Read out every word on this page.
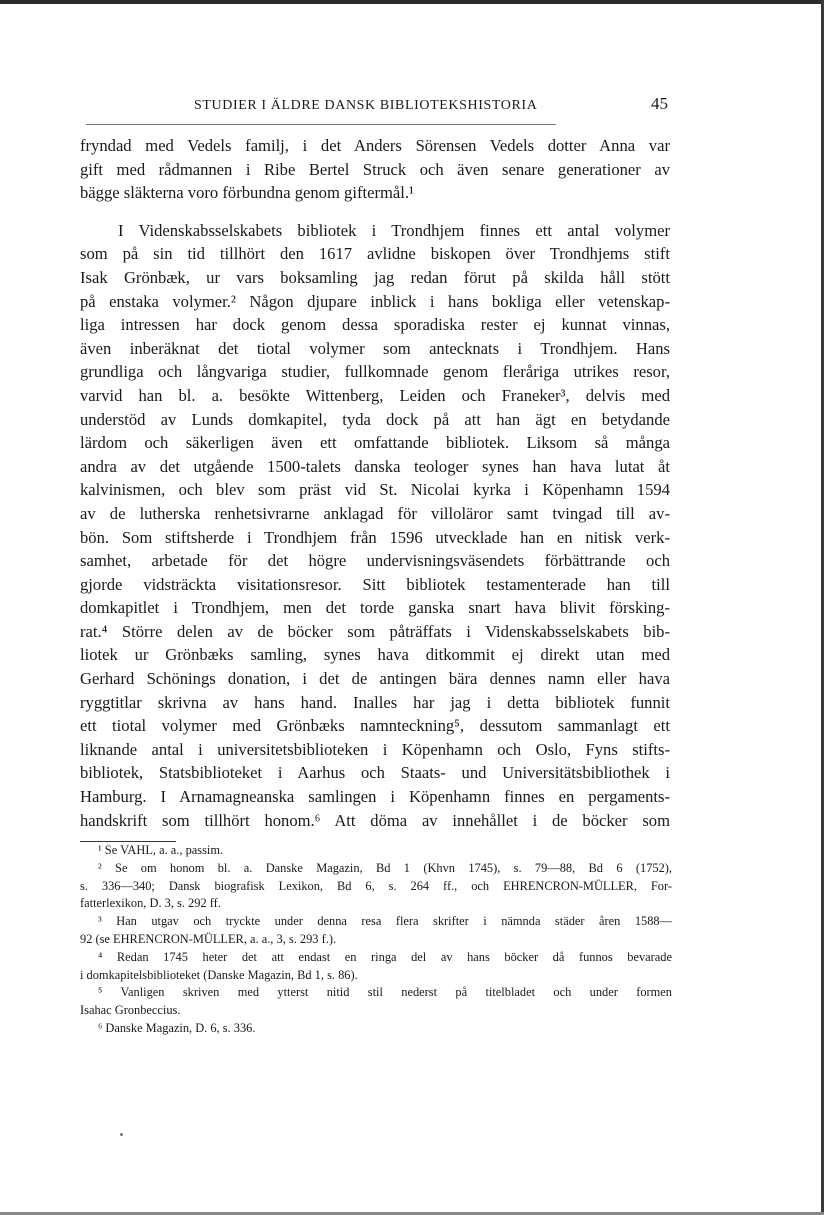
STUDIER I ÄLDRE DANSK BIBLIOTEKSHISTORIA	45
fryndad med Vedels familj, i det Anders Sörensen Vedels dotter Anna var
gift med rådmannen i Ribe Bertel Struck och även senare generationer av
bägge släkterna voro förbundna genom giftermål.¹
I Videnskabsselskabets bibliotek i Trondhjem finnes ett antal volymer
som på sin tid tillhört den 1617 avlidne biskopen över Trondhjems stift
Isak Grönbæk, ur vars boksamling jag redan förut på skilda håll stött
på enstaka volymer.² Någon djupare inblick i hans bokliga eller vetenskap-
liga intressen har dock genom dessa sporadiska rester ej kunnat vinnas,
även inberäknat det tiotal volymer som antecknats i Trondhjem. Hans
grundliga och långvariga studier, fullkomnade genom fleråriga utrikes resor,
varvid han bl. a. besökte Wittenberg, Leiden och Franeker³, delvis med
understöd av Lunds domkapitel, tyda dock på att han ägt en betydande
lärdom och säkerligen även ett omfattande bibliotek. Liksom så många
andra av det utgående 1500-talets danska teologer synes han hava lutat åt
kalvinismen, och blev som präst vid St. Nicolai kyrka i Köpenhamn 1594
av de lutherska renhetsivrarne anklagad för villoläror samt tvingad till av-
bön. Som stiftsherde i Trondhjem från 1596 utvecklade han en nitisk verk-
samhet, arbetade för det högre undervisningsväsendets förbättrande och
gjorde vidsträckta visitationsresor. Sitt bibliotek testamenterade han till
domkapitlet i Trondhjem, men det torde ganska snart hava blivit försking-
rat.⁴ Större delen av de böcker som påträffats i Videnskabsselskabets bib-
liotek ur Grönbæks samling, synes hava ditkommit ej direkt utan med
Gerhard Schönings donation, i det de antingen bära dennes namn eller hava
ryggtitlar skrivna av hans hand. Inalles har jag i detta bibliotek funnit
ett tiotal volymer med Grönbæks namnteckning⁵, dessutom sammanlagt ett
liknande antal i universitetsbiblioteken i Köpenhamn och Oslo, Fyns stifts-
bibliotek, Statsbiblioteket i Aarhus och Staats- und Universitätsbibliothek i
Hamburg. I Arnamagneanska samlingen i Köpenhamn finnes en pergaments-
handskrift som tillhört honom.⁶ Att döma av innehållet i de böcker som
¹ Se VAHL, a. a., passim.
² Se om honom bl. a. Danske Magazin, Bd 1 (Khvn 1745), s. 79—88, Bd 6 (1752),
s. 336—340; Dansk biografisk Lexikon, Bd 6, s. 264 ff., och EHRENCRON-MÜLLER, For-
fatterlexikon, D. 3, s. 292 ff.
³ Han utgav och tryckte under denna resa flera skrifter i nämnda städer åren 1588—
92 (se EHRENCRON-MÜLLER, a. a., 3, s. 293 f.).
⁴ Redan 1745 heter det att endast en ringa del av hans böcker då funnos bevarade
i domkapitelsbiblioteket (Danske Magazin, Bd 1, s. 86).
⁵ Vanligen skriven med ytterst nitid stil nederst på titelbladet och under formen
Isahac Gronbeccius.
⁶ Danske Magazin, D. 6, s. 336.
